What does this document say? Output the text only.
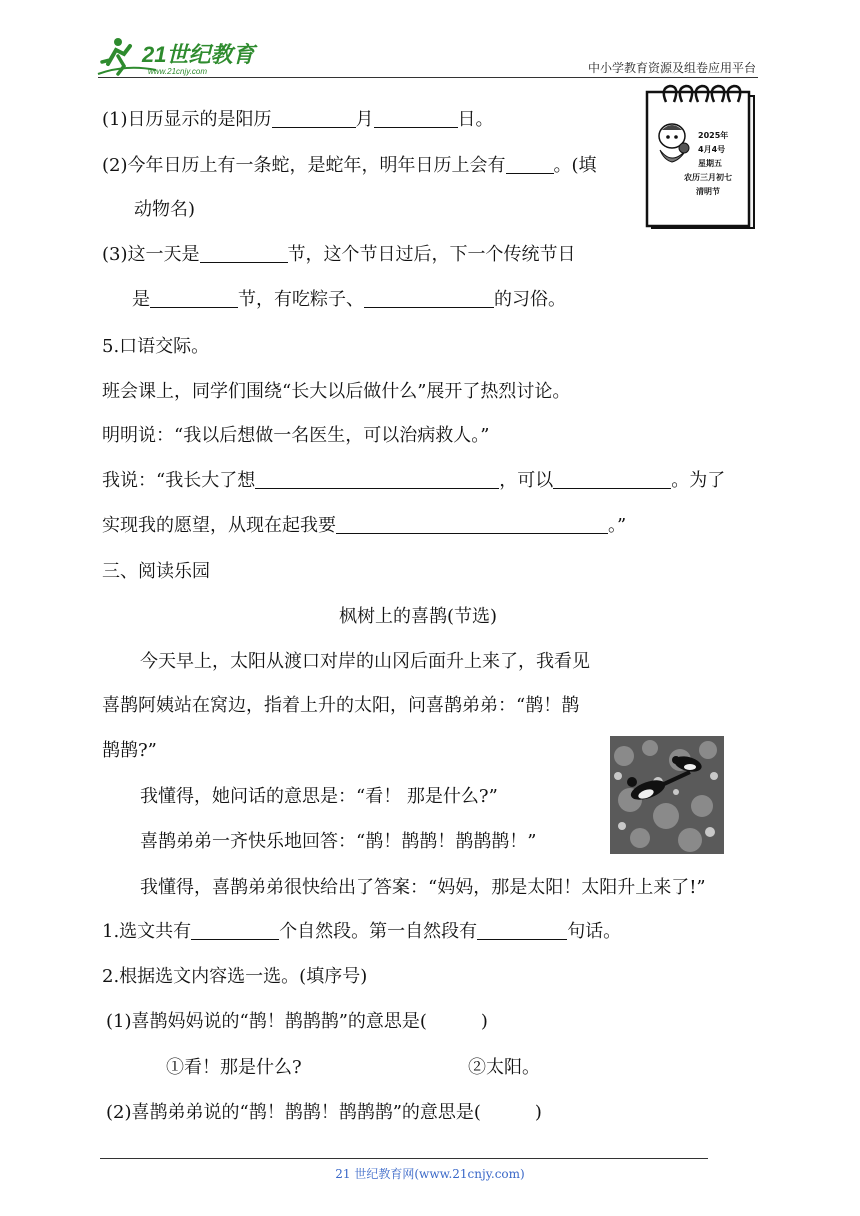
21世纪教育
www.21cnjy.com	中小学教育资源及组卷应用平台
2025年
4月4号
星期五
农历三月初七
清明节
(1)日历显示的是阳历	月	日。
(2)今年日历上有一条蛇，是蛇年，明年日历上会有	。(填
动物名)
(3)这一天是	节，这个节日过后，下一个传统节日
是	节，有吃粽子、	的习俗。
5.口语交际。
班会课上，同学们围绕“长大以后做什么”展开了热烈讨论。
明明说：“我以后想做一名医生，可以治病救人。”
我说：“我长大了想	，可以	。为了
实现我的愿望，从现在起我要	。”
三、阅读乐园
枫树上的喜鹊(节选)
今天早上，太阳从渡口对岸的山冈后面升上来了，我看见
喜鹊阿姨站在窝边，指着上升的太阳，问喜鹊弟弟：“鹊！鹊
鹊鹊?”
我懂得，她问话的意思是：“看！ 那是什么?”
喜鹊弟弟一齐快乐地回答：“鹊！鹊鹊！鹊鹊鹊！”
我懂得，喜鹊弟弟很快给出了答案：“妈妈，那是太阳！太阳升上来了!”
1.选文共有	个自然段。第一自然段有	句话。
2.根据选文内容选一选。(填序号)
(1)喜鹊妈妈说的“鹊！鹊鹊鹊”的意思是(　　　)
①看！那是什么?	②太阳。
(2)喜鹊弟弟说的“鹊！鹊鹊！鹊鹊鹊”的意思是(　　　)
21 世纪教育网(www.21cnjy.com)
